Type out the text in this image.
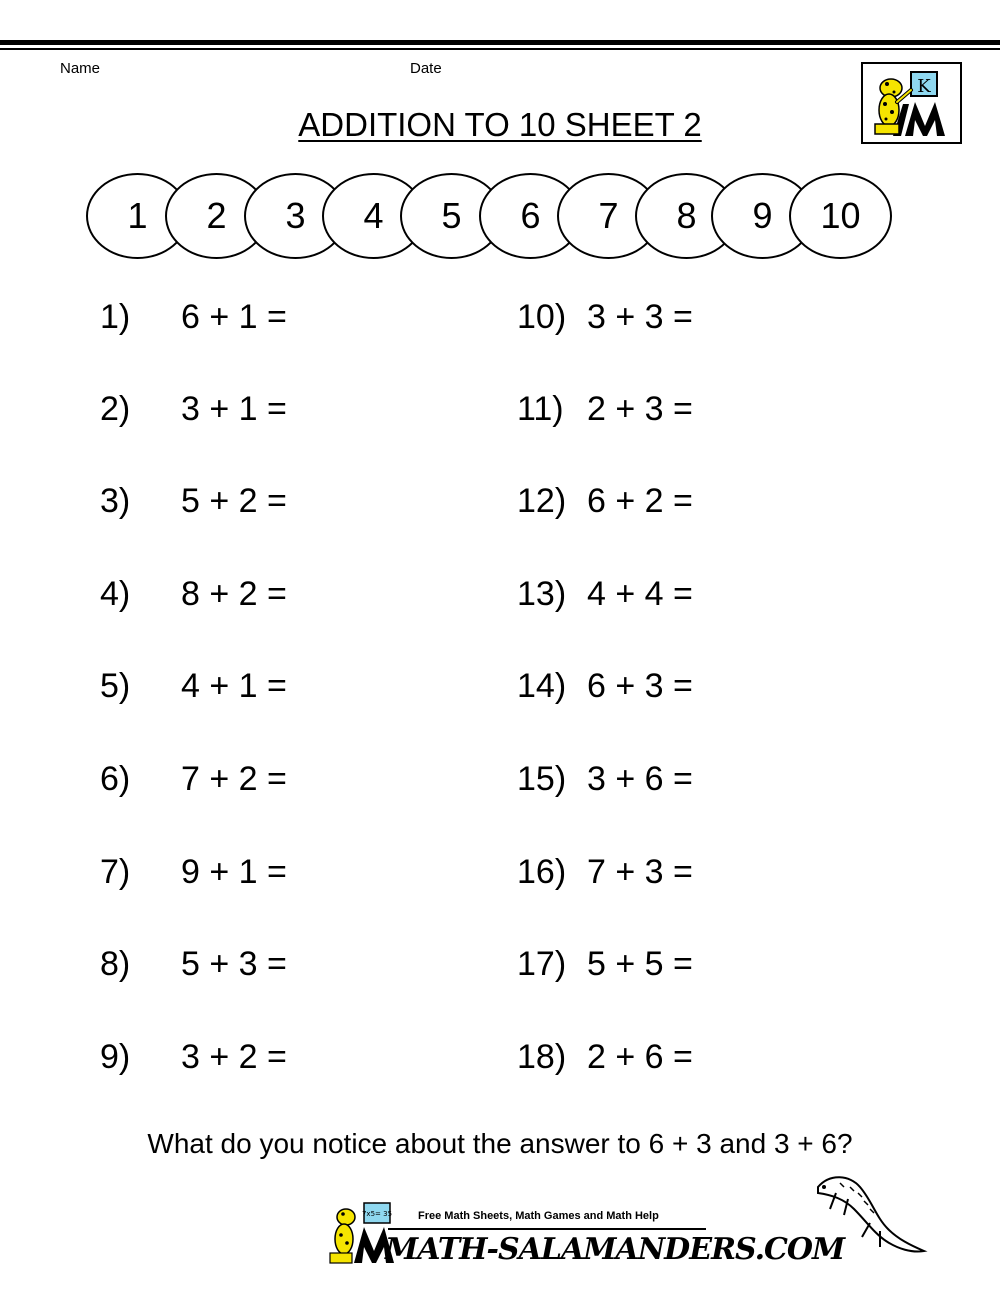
Name	Date
ADDITION TO 10 SHEET 2
K
1	2	3	4	5	6	7	8	9	10
1) 6 + 1 =
2) 3 + 1 =
3) 5 + 2 =
4) 8 + 2 =
5) 4 + 1 =
6) 7 + 2 =
7) 9 + 1 =
8) 5 + 3 =
9) 3 + 2 =
10) 3 + 3 =
11) 2 + 3 =
12) 6 + 2 =
13) 4 + 4 =
14) 6 + 3 =
15) 3 + 6 =
16) 7 + 3 =
17) 5 + 5 =
18) 2 + 6 =
What do you notice about the answer to 6 + 3 and 3 + 6?
7x5= 35 Free Math Sheets, Math Games and Math Help
MATH-SALAMANDERS.COM
